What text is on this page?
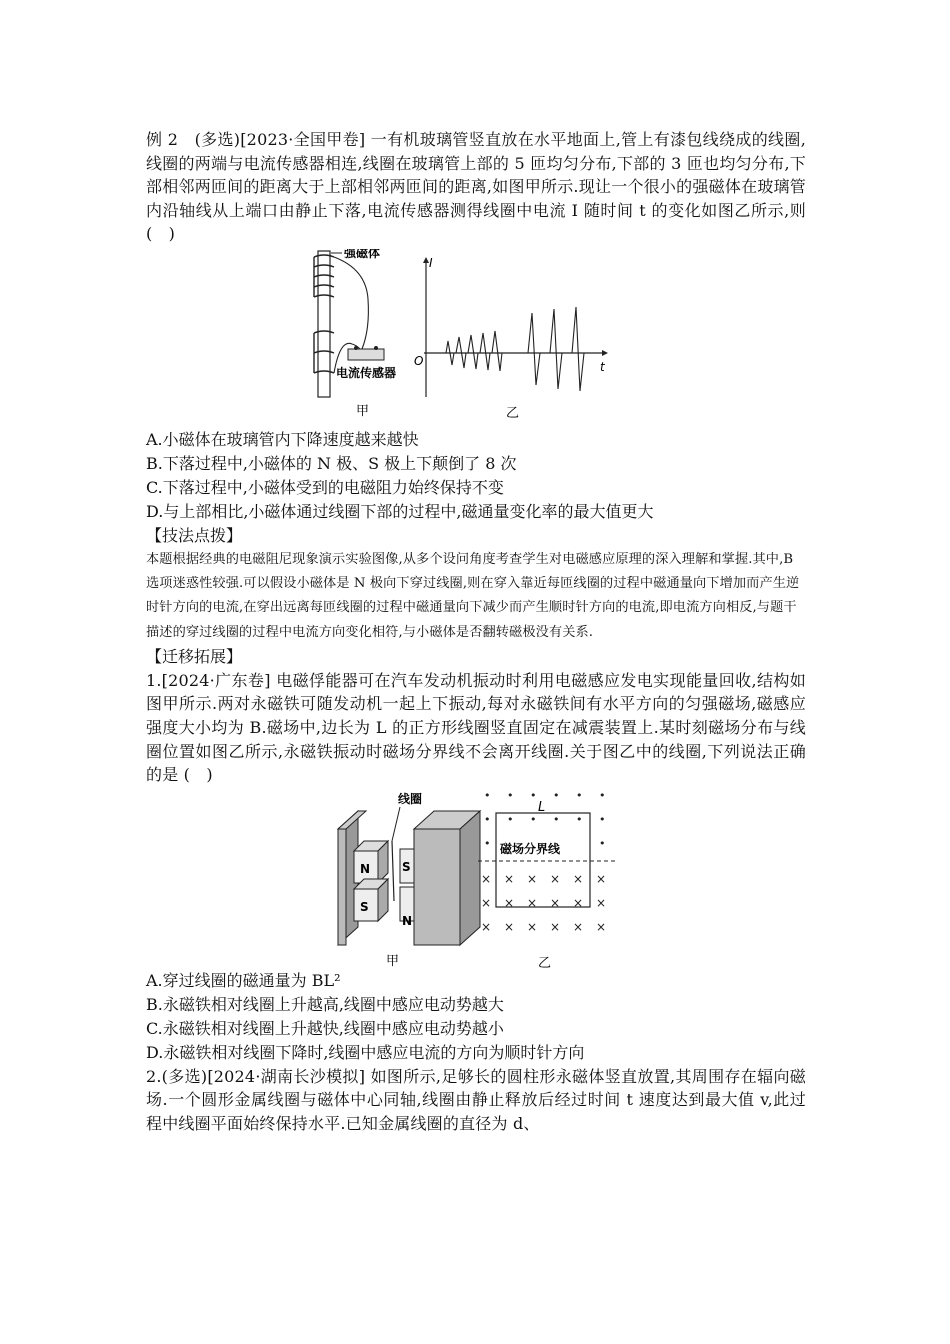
例 2　(多选)[2023·全国甲卷] 一有机玻璃管竖直放在水平地面上,管上有漆包线绕成的线圈,线圈的两端与电流传感器相连,线圈在玻璃管上部的 5 匝均匀分布,下部的 3 匝也均匀分布,下部相邻两匝间的距离大于上部相邻两匝间的距离,如图甲所示.现让一个很小的强磁体在玻璃管内沿轴线从上端口由静止下落,电流传感器测得线圈中电流 I 随时间 t 的变化如图乙所示,则 (　)

强磁体
电流传感器
I
t
O
甲	乙

A.小磁体在玻璃管内下降速度越来越快

B.下落过程中,小磁体的 N 极、S 极上下颠倒了 8 次

C.下落过程中,小磁体受到的电磁阻力始终保持不变

D.与上部相比,小磁体通过线圈下部的过程中,磁通量变化率的最大值更大

【技法点拨】

本题根据经典的电磁阻尼现象演示实验图像,从多个设问角度考查学生对电磁感应原理的深入理解和掌握.其中,B 选项迷惑性较强.可以假设小磁体是 N 极向下穿过线圈,则在穿入靠近每匝线圈的过程中磁通量向下增加而产生逆时针方向的电流,在穿出远离每匝线圈的过程中磁通量向下减少而产生顺时针方向的电流,即电流方向相反,与题干描述的穿过线圈的过程中电流方向变化相符,与小磁体是否翻转磁极没有关系.

【迁移拓展】

1.[2024·广东卷] 电磁俘能器可在汽车发动机振动时利用电磁感应发电实现能量回收,结构如图甲所示.两对永磁铁可随发动机一起上下振动,每对永磁铁间有水平方向的匀强磁场,磁感应强度大小均为 B.磁场中,边长为 L 的正方形线圈竖直固定在减震装置上.某时刻磁场分布与线圈位置如图乙所示,永磁铁振动时磁场分界线不会离开线圈.关于图乙中的线圈,下列说法正确的是 (　)

N
S
S
N
线圈	• • • • • •
• • • • • •
•	•
× × × × × ×
× × × × × ×
× × × × × ×
L
磁场分界线
甲	乙

A.穿过线圈的磁通量为 BL²

B.永磁铁相对线圈上升越高,线圈中感应电动势越大

C.永磁铁相对线圈上升越快,线圈中感应电动势越小

D.永磁铁相对线圈下降时,线圈中感应电流的方向为顺时针方向

2.(多选)[2024·湖南长沙模拟] 如图所示,足够长的圆柱形永磁体竖直放置,其周围存在辐向磁场.一个圆形金属线圈与磁体中心同轴,线圈由静止释放后经过时间 t 速度达到最大值 v,此过程中线圈平面始终保持水平.已知金属线圈的直径为 d、
